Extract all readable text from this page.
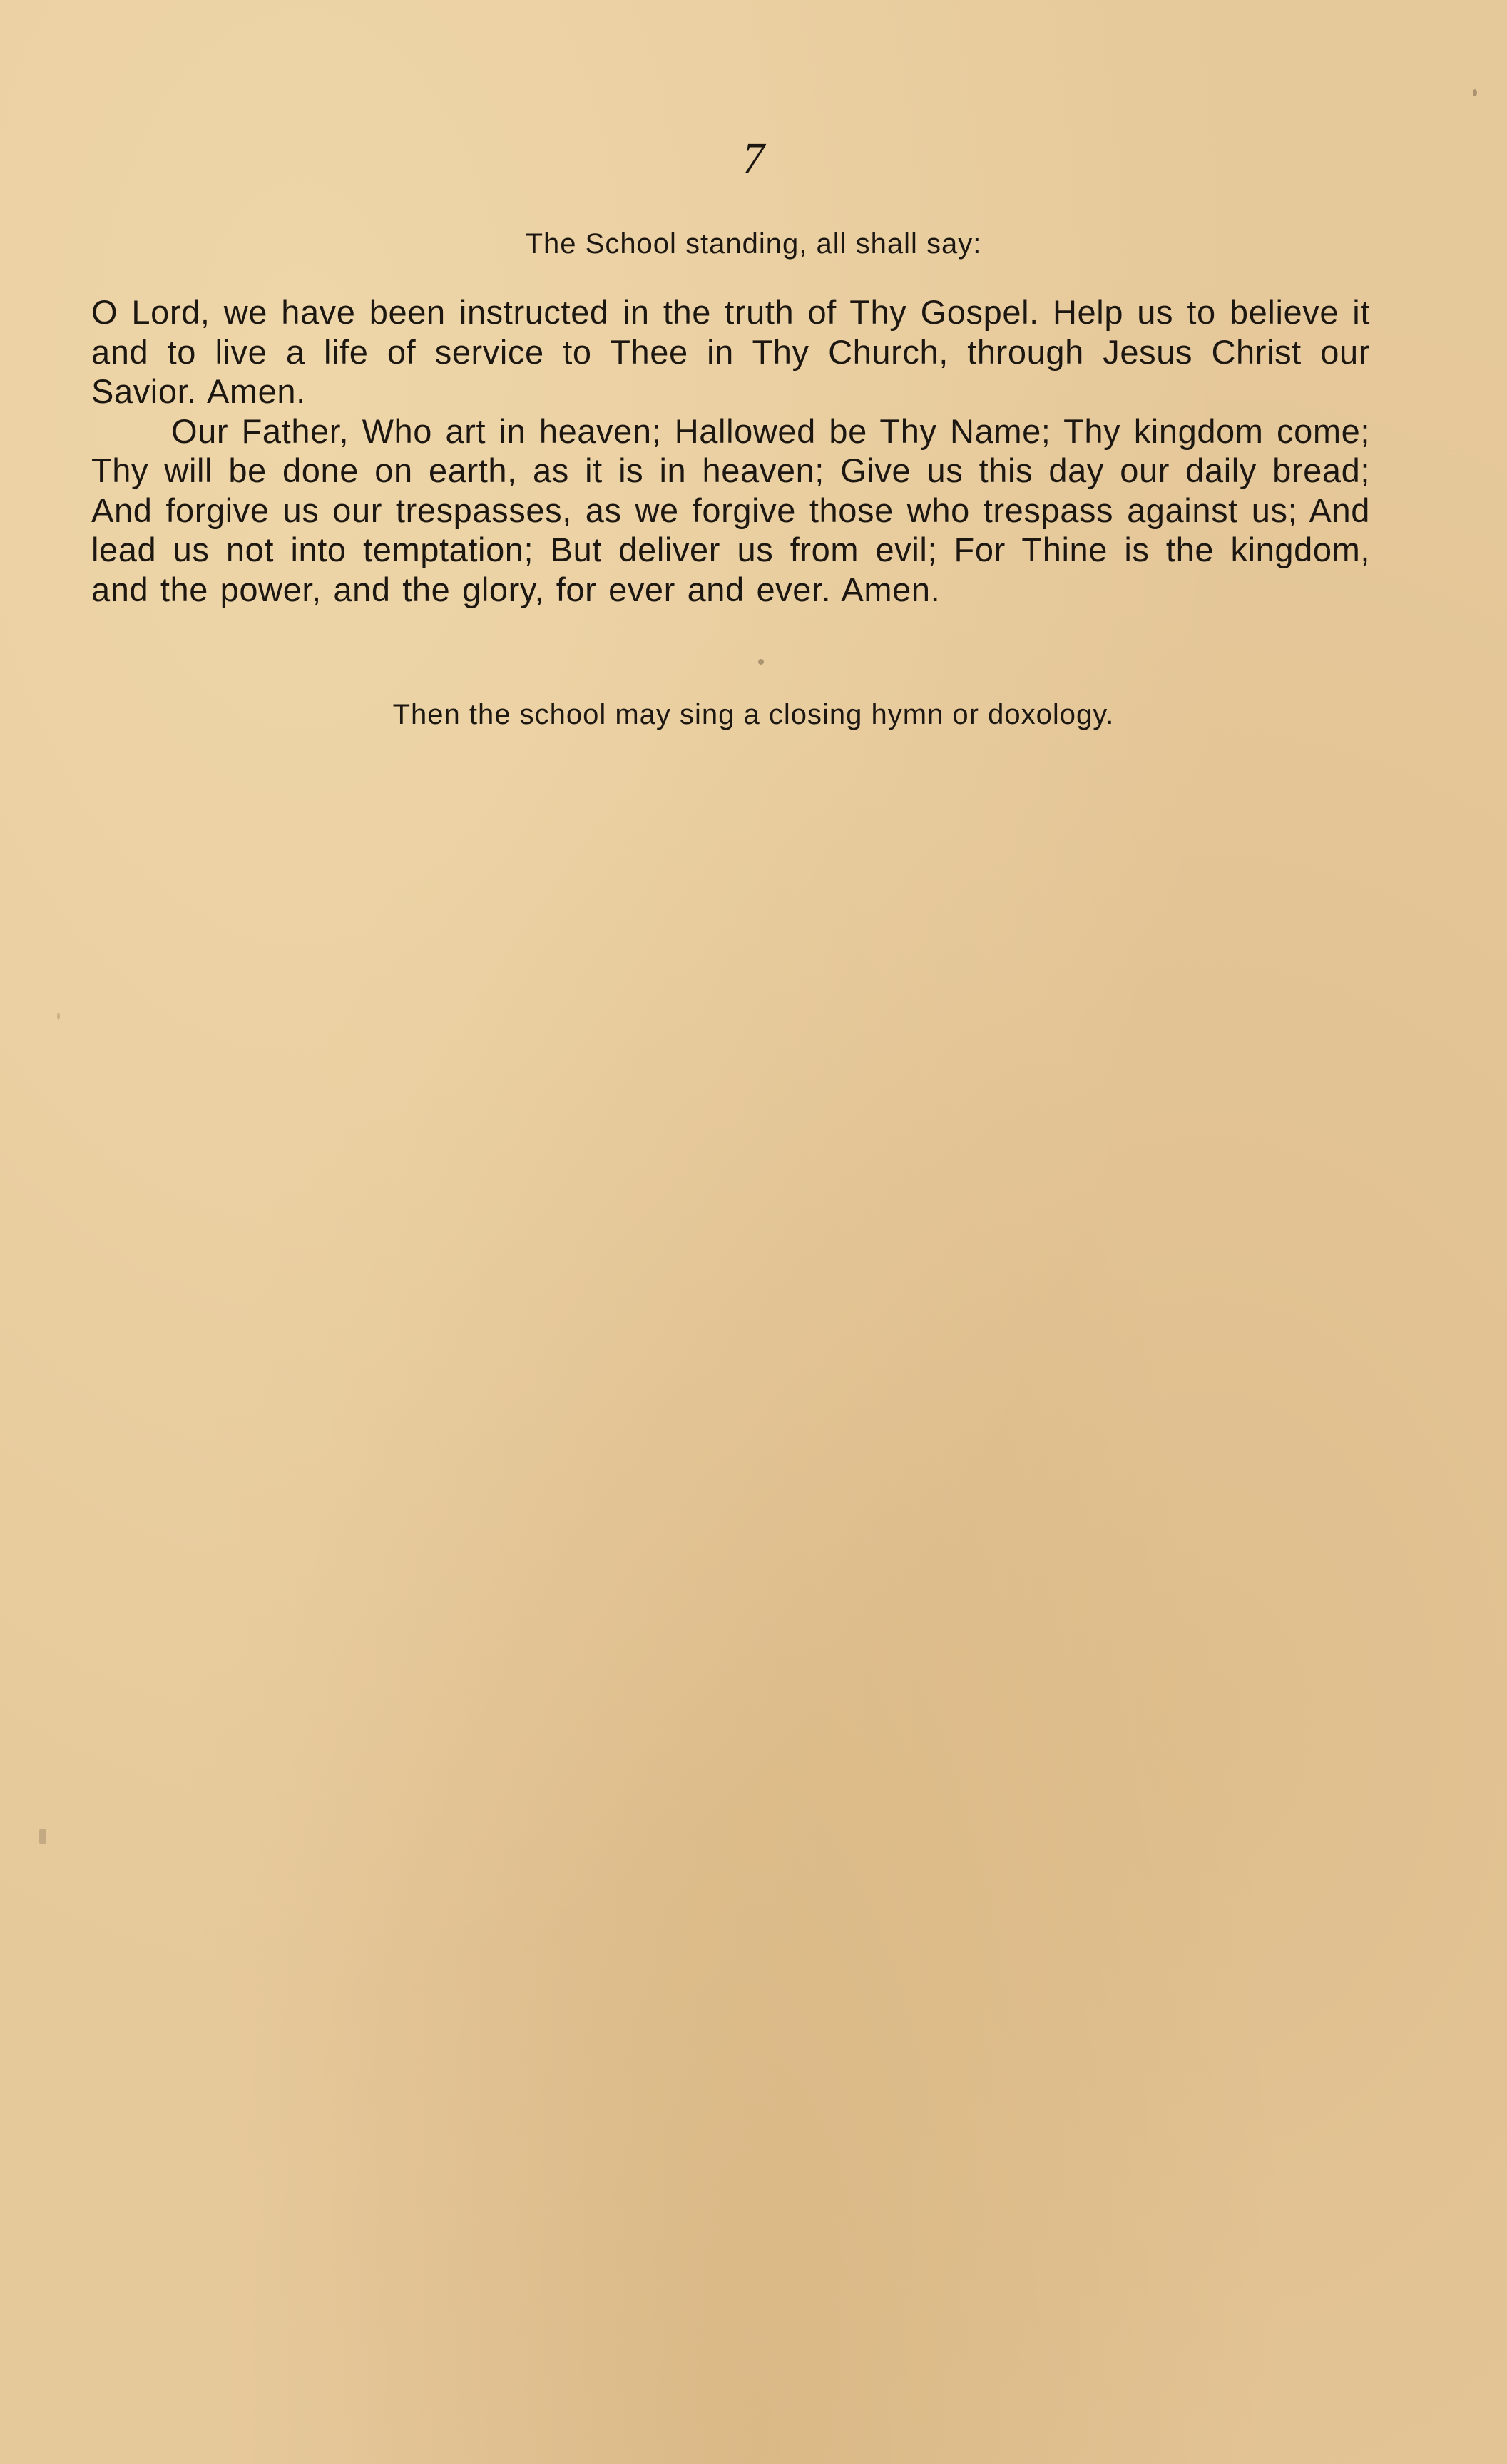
7
The School standing, all shall say:

O Lord, we have been instructed in the truth of Thy Gospel. Help us to believe it and to live a life of service to Thee in Thy Church, through Jesus Christ our Savior. Amen.

Our Father, Who art in heaven; Hallowed be Thy Name; Thy kingdom come; Thy will be done on earth, as it is in heaven; Give us this day our daily bread; And forgive us our trespasses, as we forgive those who trespass against us; And lead us not into temptation; But deliver us from evil; For Thine is the kingdom, and the power, and the glory, for ever and ever. Amen.

Then the school may sing a closing hymn or doxology.
